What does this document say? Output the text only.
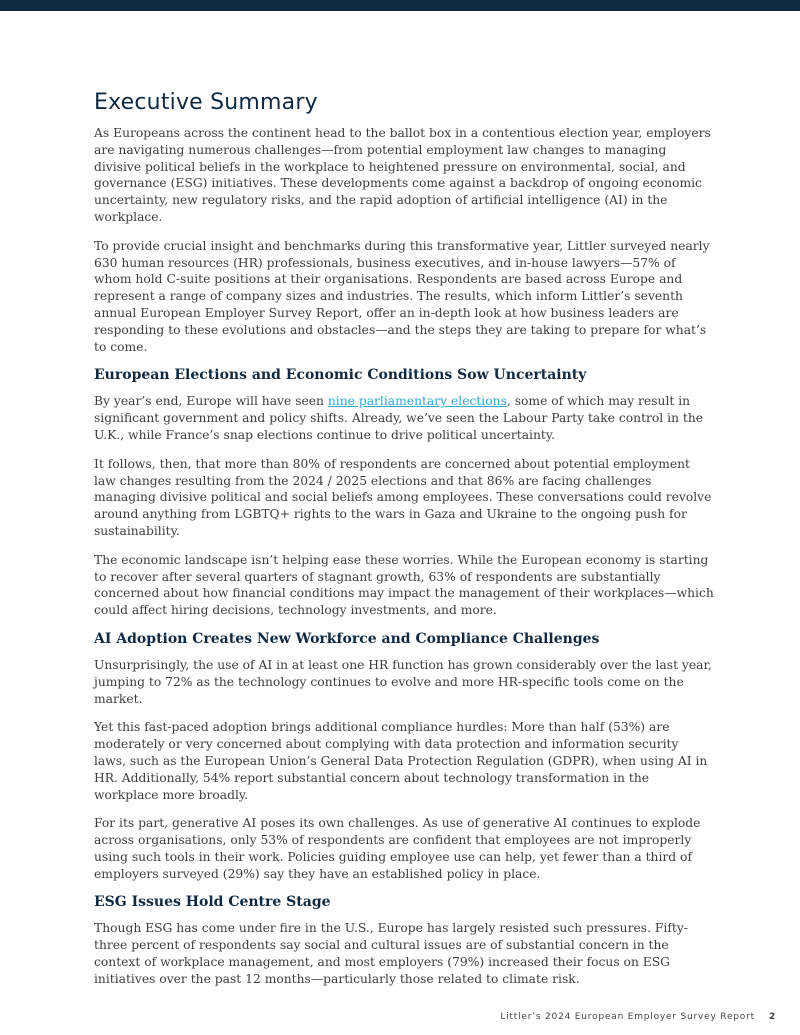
Executive Summary

As Europeans across the continent head to the ballot box in a contentious election year, employers are navigating numerous challenges—from potential employment law changes to managing divisive political beliefs in the workplace to heightened pressure on environmental, social, and governance (ESG) initiatives. These developments come against a backdrop of ongoing economic uncertainty, new regulatory risks, and the rapid adoption of artificial intelligence (AI) in the workplace.

To provide crucial insight and benchmarks during this transformative year, Littler surveyed nearly 630 human resources (HR) professionals, business executives, and in-house lawyers—57% of whom hold C-suite positions at their organisations. Respondents are based across Europe and represent a range of company sizes and industries. The results, which inform Littler’s seventh annual European Employer Survey Report, offer an in-depth look at how business leaders are responding to these evolutions and obstacles—and the steps they are taking to prepare for what’s to come.

European Elections and Economic Conditions Sow Uncertainty

By year’s end, Europe will have seen nine parliamentary elections, some of which may result in significant government and policy shifts. Already, we’ve seen the Labour Party take control in the U.K., while France’s snap elections continue to drive political uncertainty.

It follows, then, that more than 80% of respondents are concerned about potential employment law changes resulting from the 2024 / 2025 elections and that 86% are facing challenges managing divisive political and social beliefs among employees. These conversations could revolve around anything from LGBTQ+ rights to the wars in Gaza and Ukraine to the ongoing push for sustainability.

The economic landscape isn’t helping ease these worries. While the European economy is starting to recover after several quarters of stagnant growth, 63% of respondents are substantially concerned about how financial conditions may impact the management of their workplaces—which could affect hiring decisions, technology investments, and more.

AI Adoption Creates New Workforce and Compliance Challenges

Unsurprisingly, the use of AI in at least one HR function has grown considerably over the last year, jumping to 72% as the technology continues to evolve and more HR-specific tools come on the market.

Yet this fast-paced adoption brings additional compliance hurdles: More than half (53%) are moderately or very concerned about complying with data protection and information security laws, such as the European Union’s General Data Protection Regulation (GDPR), when using AI in HR. Additionally, 54% report substantial concern about technology transformation in the workplace more broadly.

For its part, generative AI poses its own challenges. As use of generative AI continues to explode across organisations, only 53% of respondents are confident that employees are not improperly using such tools in their work. Policies guiding employee use can help, yet fewer than a third of employers surveyed (29%) say they have an established policy in place.

ESG Issues Hold Centre Stage

Though ESG has come under fire in the U.S., Europe has largely resisted such pressures. Fifty-three percent of respondents say social and cultural issues are of substantial concern in the context of workplace management, and most employers (79%) increased their focus on ESG initiatives over the past 12 months—particularly those related to climate risk.

Littler’s 2024 European Employer Survey Report 2
